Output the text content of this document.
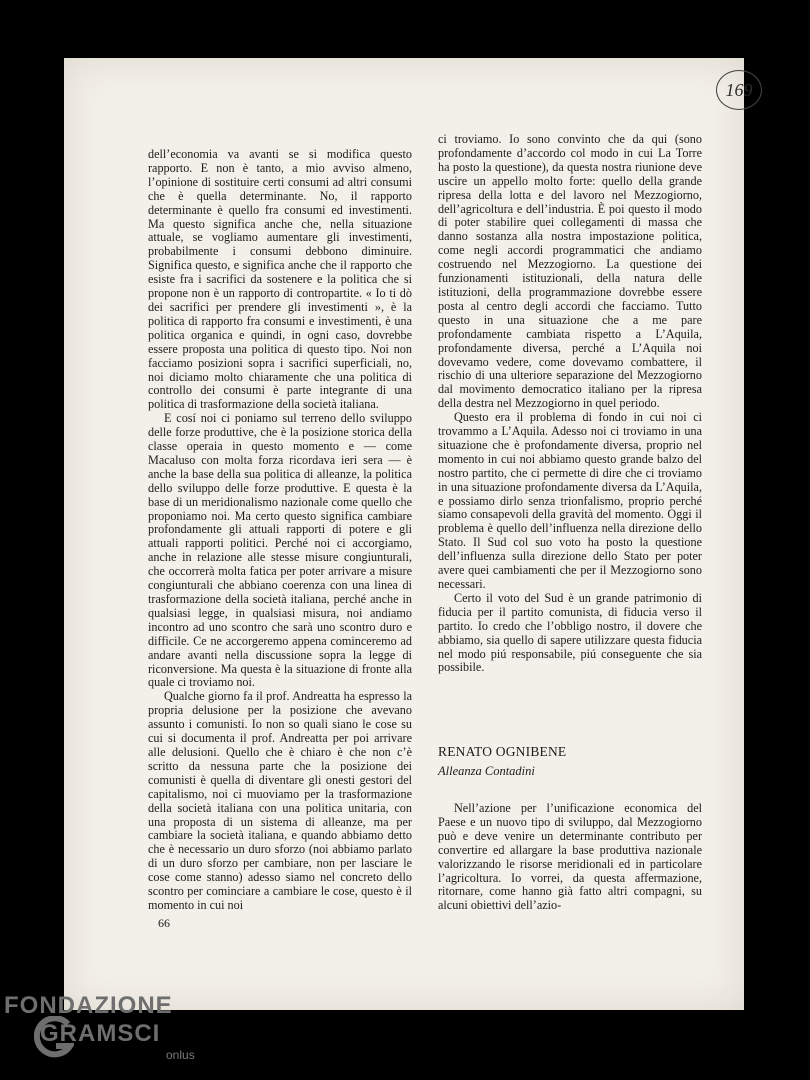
169

dell’economia va avanti se si modifica questo rapporto. E non è tanto, a mio avviso almeno, l’opinione di sostituire certi consumi ad altri consumi che è quella determinante. No, il rapporto determinante è quello fra consumi ed investimenti. Ma questo significa anche che, nella situazione attuale, se vogliamo aumentare gli investimenti, probabilmente i consumi debbono diminuire. Significa questo, e significa anche che il rapporto che esiste fra i sacrifici da sostenere e la politica che si propone non è un rapporto di contropartite. « Io ti dò dei sacrifici per prendere gli investimenti », è la politica di rapporto fra consumi e investimenti, è una politica organica e quindi, in ogni caso, dovrebbe essere proposta una politica di questo tipo. Noi non facciamo posizioni sopra i sacrifici superficiali, no, noi diciamo molto chiaramente che una politica di controllo dei consumi è parte integrante di una politica di trasformazione della società italiana.

E cosí noi ci poniamo sul terreno dello sviluppo delle forze produttive, che è la posizione storica della classe operaia in questo momento e — come Macaluso con molta forza ricordava ieri sera — è anche la base della sua politica di alleanze, la politica dello sviluppo delle forze produttive. E questa è la base di un meridionalismo nazionale come quello che proponiamo noi. Ma certo questo significa cambiare profondamente gli attuali rapporti di potere e gli attuali rapporti politici. Perché noi ci accorgiamo, anche in relazione alle stesse misure congiunturali, che occorrerà molta fatica per poter arrivare a misure congiunturali che abbiano coerenza con una linea di trasformazione della società italiana, perché anche in qualsiasi legge, in qualsiasi misura, noi andiamo incontro ad uno scontro che sarà uno scontro duro e difficile. Ce ne accorgeremo appena cominceremo ad andare avanti nella discussione sopra la legge di riconversione. Ma questa è la situazione di fronte alla quale ci troviamo noi.

Qualche giorno fa il prof. Andreatta ha espresso la propria delusione per la posizione che avevano assunto i comunisti. Io non so quali siano le cose su cui si documenta il prof. Andreatta per poi arrivare alle delusioni. Quello che è chiaro è che non c’è scritto da nessuna parte che la posizione dei comunisti è quella di diventare gli onesti gestori del capitalismo, noi ci muoviamo per la trasformazione della società italiana con una politica unitaria, con una proposta di un sistema di alleanze, ma per cambiare la società italiana, e quando abbiamo detto che è necessario un duro sforzo (noi abbiamo parlato di un duro sforzo per cambiare, non per lasciare le cose come stanno) adesso siamo nel concreto dello scontro per cominciare a cambiare le cose, questo è il momento in cui noi

ci troviamo. Io sono convinto che da qui (sono profondamente d’accordo col modo in cui La Torre ha posto la questione), da questa nostra riunione deve uscire un appello molto forte: quello della grande ripresa della lotta e del lavoro nel Mezzogiorno, dell’agricoltura e dell’industria. È poi questo il modo di poter stabilire quei collegamenti di massa che danno sostanza alla nostra impostazione politica, come negli accordi programmatici che andiamo costruendo nel Mezzogiorno. La questione dei funzionamenti istituzionali, della natura delle istituzioni, della programmazione dovrebbe essere posta al centro degli accordi che facciamo. Tutto questo in una situazione che a me pare profondamente cambiata rispetto a L’Aquila, profondamente diversa, perché a L’Aquila noi dovevamo vedere, come dovevamo combattere, il rischio di una ulteriore separazione del Mezzogiorno dal movimento democratico italiano per la ripresa della destra nel Mezzogiorno in quel periodo.

Questo era il problema di fondo in cui noi ci trovammo a L’Aquila. Adesso noi ci troviamo in una situazione che è profondamente diversa, proprio nel momento in cui noi abbiamo questo grande balzo del nostro partito, che ci permette di dire che ci troviamo in una situazione profondamente diversa da L’Aquila, e possiamo dirlo senza trionfalismo, proprio perché siamo consapevoli della gravità del momento. Oggi il problema è quello dell’influenza nella direzione dello Stato. Il Sud col suo voto ha posto la questione dell’influenza sulla direzione dello Stato per poter avere quei cambiamenti che per il Mezzogiorno sono necessari.

Certo il voto del Sud è un grande patrimonio di fiducia per il partito comunista, di fiducia verso il partito. Io credo che l’obbligo nostro, il dovere che abbiamo, sia quello di sapere utilizzare questa fiducia nel modo piú responsabile, piú conseguente che sia possibile.

RENATO OGNIBENE
Alleanza Contadini

Nell’azione per l’unificazione economica del Paese e un nuovo tipo di sviluppo, dal Mezzogiorno può e deve venire un determinante contributo per convertire ed allargare la base produttiva nazionale valorizzando le risorse meridionali ed in particolare l’agricoltura. Io vorrei, da questa affermazione, ritornare, come hanno già fatto altri compagni, su alcuni obiettivi dell’azio-

66
FONDAZIONE
GRAMSCI
onlus
